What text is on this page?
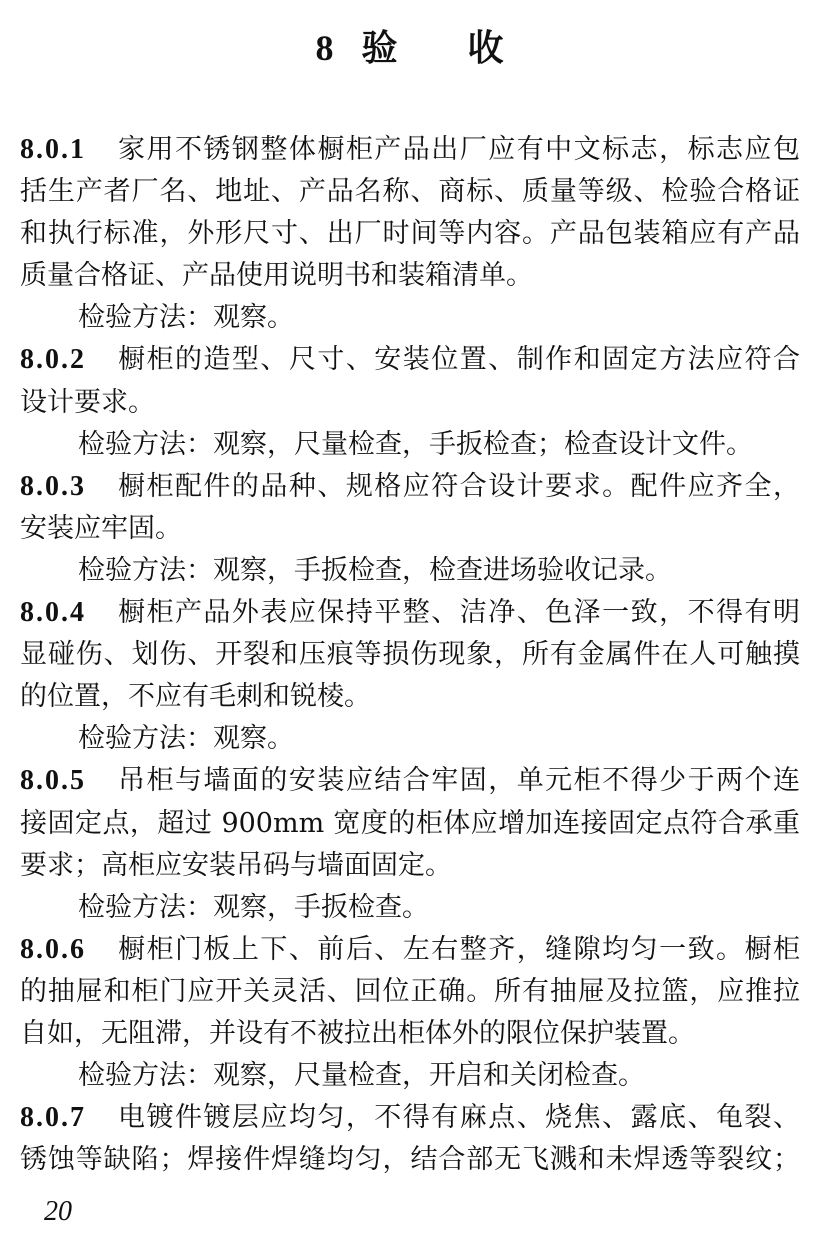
8 验 收
8.0.1	家用不锈钢整体橱柜产品出厂应有中文标志，标志应包
括生产者厂名、地址、产品名称、商标、质量等级、检验合格证
和执行标准，外形尺寸、出厂时间等内容。产品包装箱应有产品
质量合格证、产品使用说明书和装箱清单。
检验方法：观察。
8.0.2	橱柜的造型、尺寸、安装位置、制作和固定方法应符合
设计要求。
检验方法：观察，尺量检查，手扳检查；检查设计文件。
8.0.3	橱柜配件的品种、规格应符合设计要求。配件应齐全，
安装应牢固。
检验方法：观察，手扳检查，检查进场验收记录。
8.0.4	橱柜产品外表应保持平整、洁净、色泽一致，不得有明
显碰伤、划伤、开裂和压痕等损伤现象，所有金属件在人可触摸
的位置，不应有毛刺和锐棱。
检验方法：观察。
8.0.5	吊柜与墙面的安装应结合牢固，单元柜不得少于两个连
接固定点，超过 900mm 宽度的柜体应增加连接固定点符合承重
要求；高柜应安装吊码与墙面固定。
检验方法：观察，手扳检查。
8.0.6	橱柜门板上下、前后、左右整齐，缝隙均匀一致。橱柜
的抽屉和柜门应开关灵活、回位正确。所有抽屉及拉篮，应推拉
自如，无阻滞，并设有不被拉出柜体外的限位保护装置。
检验方法：观察，尺量检查，开启和关闭检查。
8.0.7	电镀件镀层应均匀，不得有麻点、烧焦、露底、龟裂、
锈蚀等缺陷；焊接件焊缝均匀，结合部无飞溅和未焊透等裂纹；
20
